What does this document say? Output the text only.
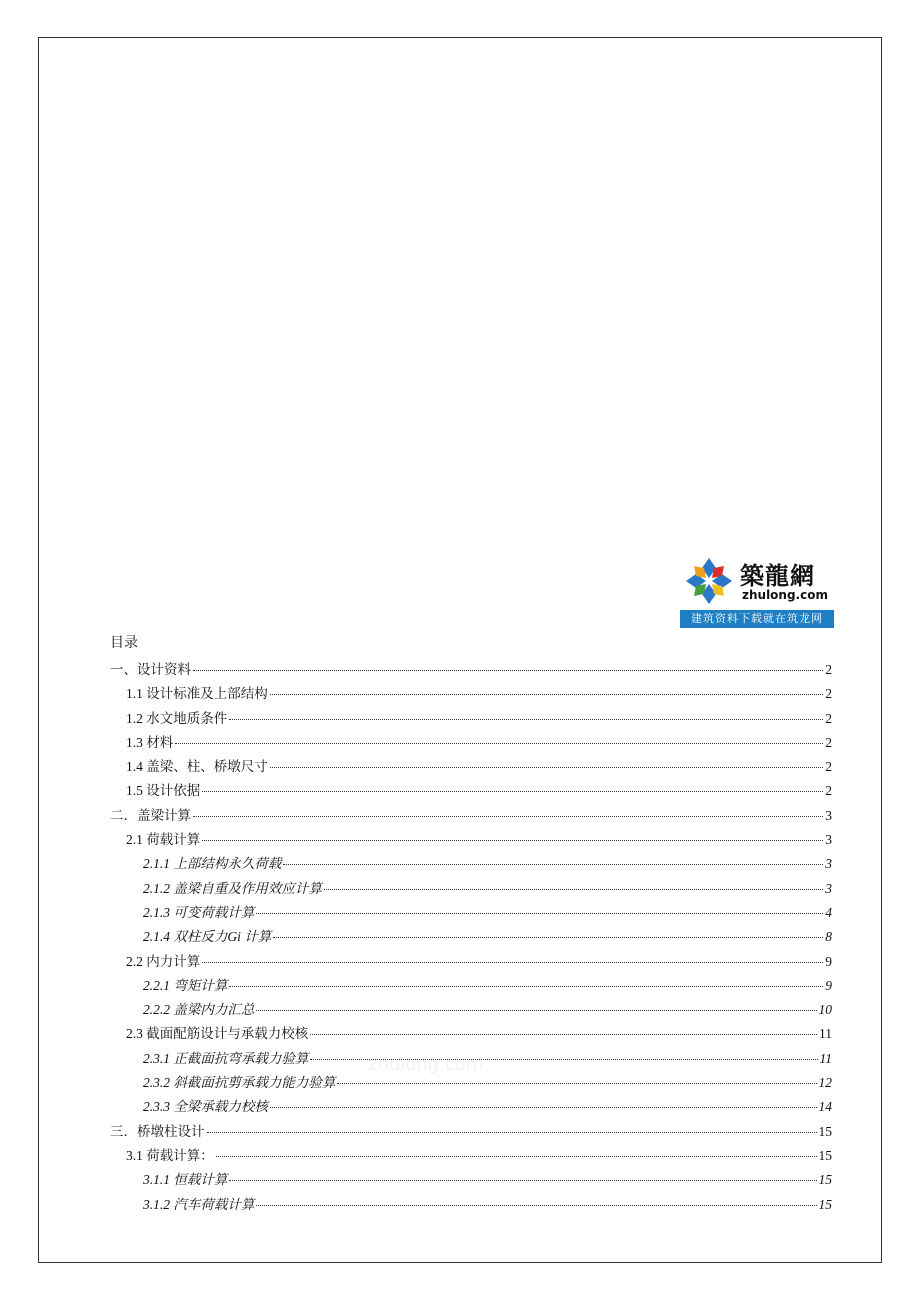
築龍網
zhulong.com
建筑资料下载就在筑龙网
zhulong.com
目录
一、设计资料	2
1.1 设计标准及上部结构	2
1.2 水文地质条件	2
1.3 材料	2
1.4 盖梁、柱、桥墩尺寸	2
1.5 设计依据	2
二．盖梁计算	3
2.1 荷载计算	3
2.1.1 上部结构永久荷载	3
2.1.2 盖梁自重及作用效应计算	3
2.1.3 可变荷载计算	4
2.1.4 双柱反力Gi 计算	8
2.2 内力计算	9
2.2.1 弯矩计算	9
2.2.2 盖梁内力汇总	10
2.3 截面配筋设计与承载力校核	11
2.3.1 正截面抗弯承载力验算	11
2.3.2 斜截面抗剪承载力能力验算	12
2.3.3 全梁承载力校核	14
三．桥墩柱设计	15
3.1 荷载计算：	15
3.1.1 恒载计算	15
3.1.2 汽车荷载计算	15
